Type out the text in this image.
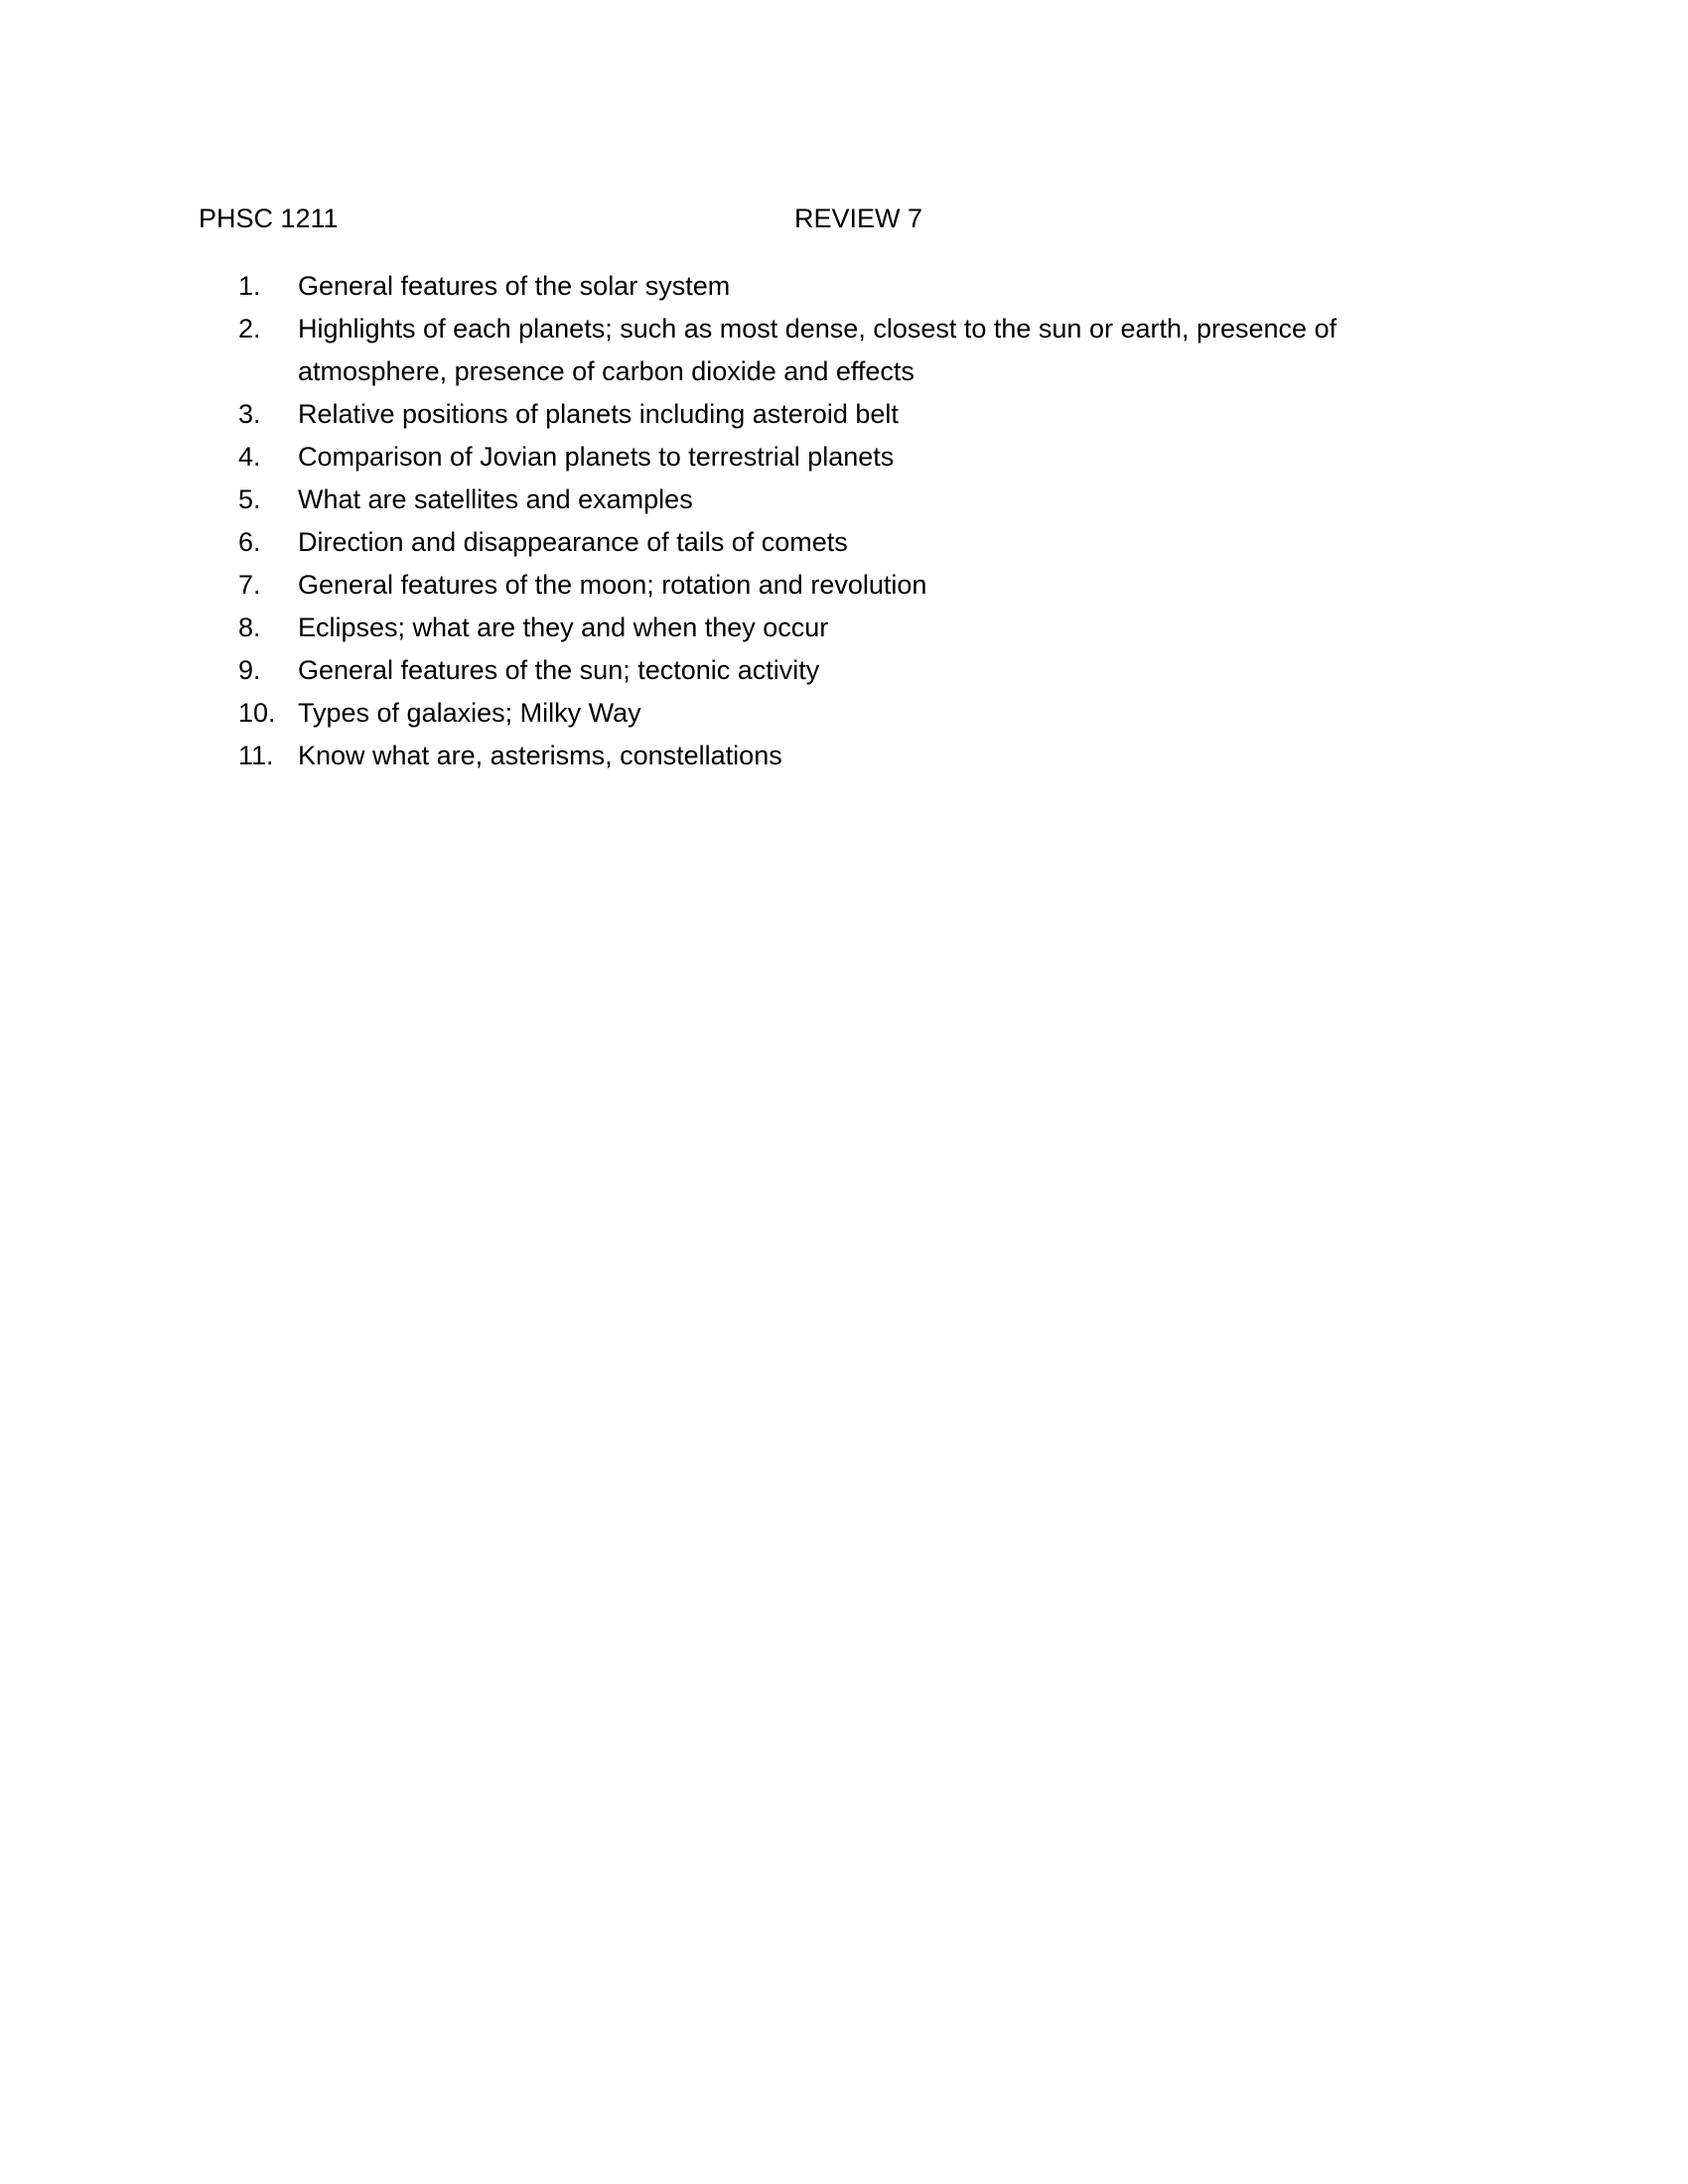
PHSC 1211	REVIEW 7
1.	General features of the solar system
2.	Highlights of each planets; such as most dense, closest to the sun or earth, presence of atmosphere, presence of carbon dioxide and effects
3.	Relative positions of planets including asteroid belt
4.	Comparison of Jovian planets to terrestrial planets
5.	What are satellites and examples
6.	Direction and disappearance of tails of comets
7.	General features of the moon; rotation and revolution
8.	Eclipses; what are they and when they occur
9.	General features of the sun; tectonic activity
10. Types of galaxies; Milky Way
11. Know what are, asterisms, constellations
